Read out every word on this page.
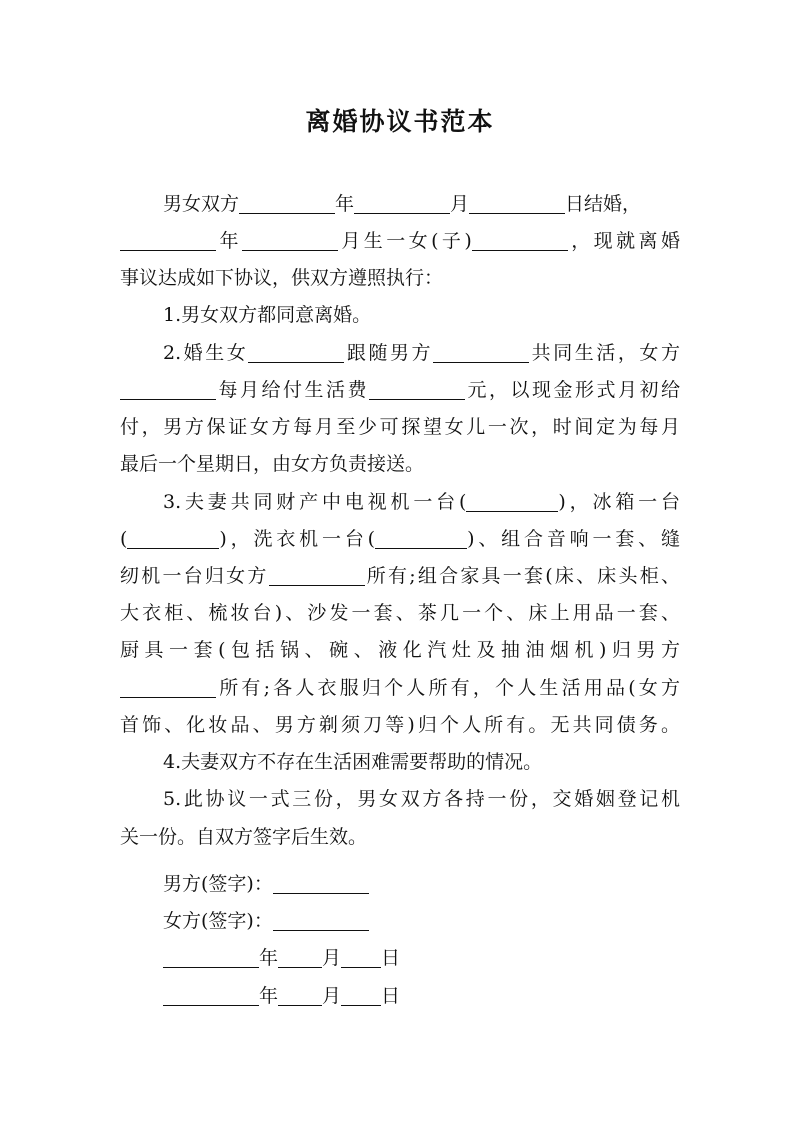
离婚协议书范本
男女双方	年	月	日结婚，
年	月生一女(子)	，现就离婚
事议达成如下协议，供双方遵照执行：
1.男女双方都同意离婚。
2.婚生女	跟随男方	共同生活，女方
每月给付生活费	元，以现金形式月初给
付，男方保证女方每月至少可探望女儿一次，时间定为每月
最后一个星期日，由女方负责接送。
3.夫妻共同财产中电视机一台(	)，冰箱一台
(	)，洗衣机一台(	)、组合音响一套、缝
纫机一台归女方	所有;组合家具一套(床、床头柜、
大衣柜、梳妆台)、沙发一套、茶几一个、床上用品一套、
厨具一套(包括锅、碗、液化汽灶及抽油烟机)归男方
所有;各人衣服归个人所有，个人生活用品(女方
首饰、化妆品、男方剃须刀等)归个人所有。无共同债务。
4.夫妻双方不存在生活困难需要帮助的情况。
5.此协议一式三份，男女双方各持一份，交婚姻登记机
关一份。自双方签字后生效。
男方(签字)：
女方(签字)：
年 月 日
年 月 日
